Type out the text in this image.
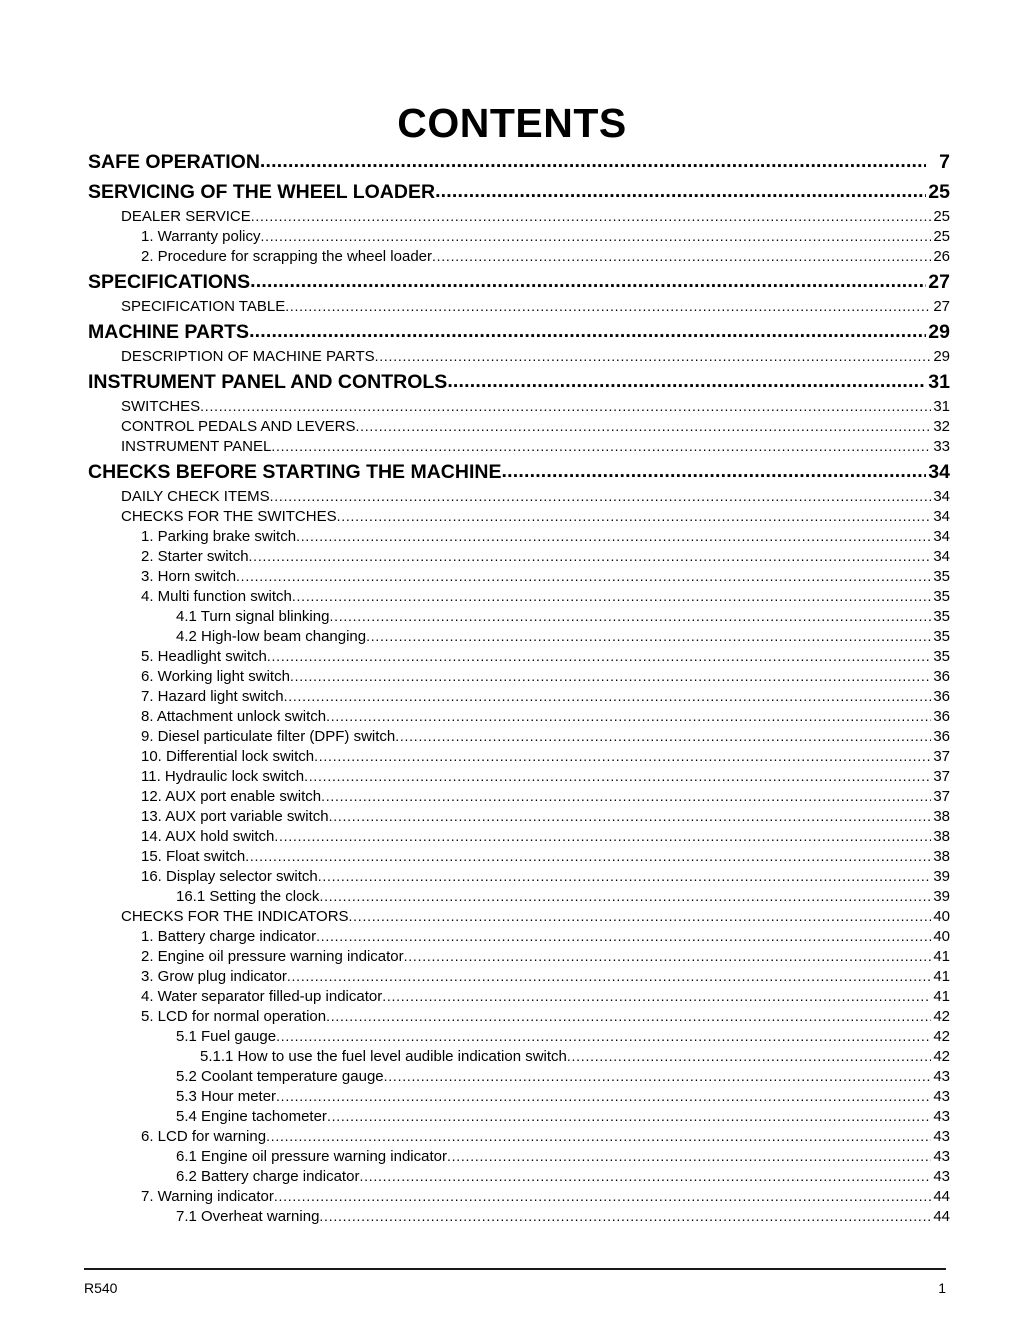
CONTENTS
SAFE OPERATION .....	7
SERVICING OF THE WHEEL LOADER .....	25
DEALER SERVICE .....	25
1. Warranty policy .....	25
2. Procedure for scrapping the wheel loader .....	26
SPECIFICATIONS .....	27
SPECIFICATION TABLE .....	27
MACHINE PARTS .....	29
DESCRIPTION OF MACHINE PARTS .....	29
INSTRUMENT PANEL AND CONTROLS .....	31
SWITCHES .....	31
CONTROL PEDALS AND LEVERS .....	32
INSTRUMENT PANEL .....	33
CHECKS BEFORE STARTING THE MACHINE .....	34
DAILY CHECK ITEMS .....	34
CHECKS FOR THE SWITCHES .....	34
1. Parking brake switch .....	34
2. Starter switch .....	34
3. Horn switch .....	35
4. Multi function switch .....	35
4.1 Turn signal blinking .....	35
4.2 High-low beam changing .....	35
5. Headlight switch .....	35
6. Working light switch .....	36
7. Hazard light switch .....	36
8. Attachment unlock switch .....	36
9. Diesel particulate filter (DPF) switch .....	36
10. Differential lock switch .....	37
11. Hydraulic lock switch .....	37
12. AUX port enable switch .....	37
13. AUX port variable switch .....	38
14. AUX hold switch .....	38
15. Float switch .....	38
16. Display selector switch .....	39
16.1 Setting the clock .....	39
CHECKS FOR THE INDICATORS .....	40
1. Battery charge indicator .....	40
2. Engine oil pressure warning indicator .....	41
3. Grow plug indicator .....	41
4. Water separator filled-up indicator .....	41
5. LCD for normal operation .....	42
5.1 Fuel gauge .....	42
5.1.1 How to use the fuel level audible indication switch .....	42
5.2 Coolant temperature gauge .....	43
5.3 Hour meter .....	43
5.4 Engine tachometer .....	43
6. LCD for warning .....	43
6.1 Engine oil pressure warning indicator .....	43
6.2 Battery charge indicator .....	43
7. Warning indicator .....	44
7.1 Overheat warning .....	44
R540	1
